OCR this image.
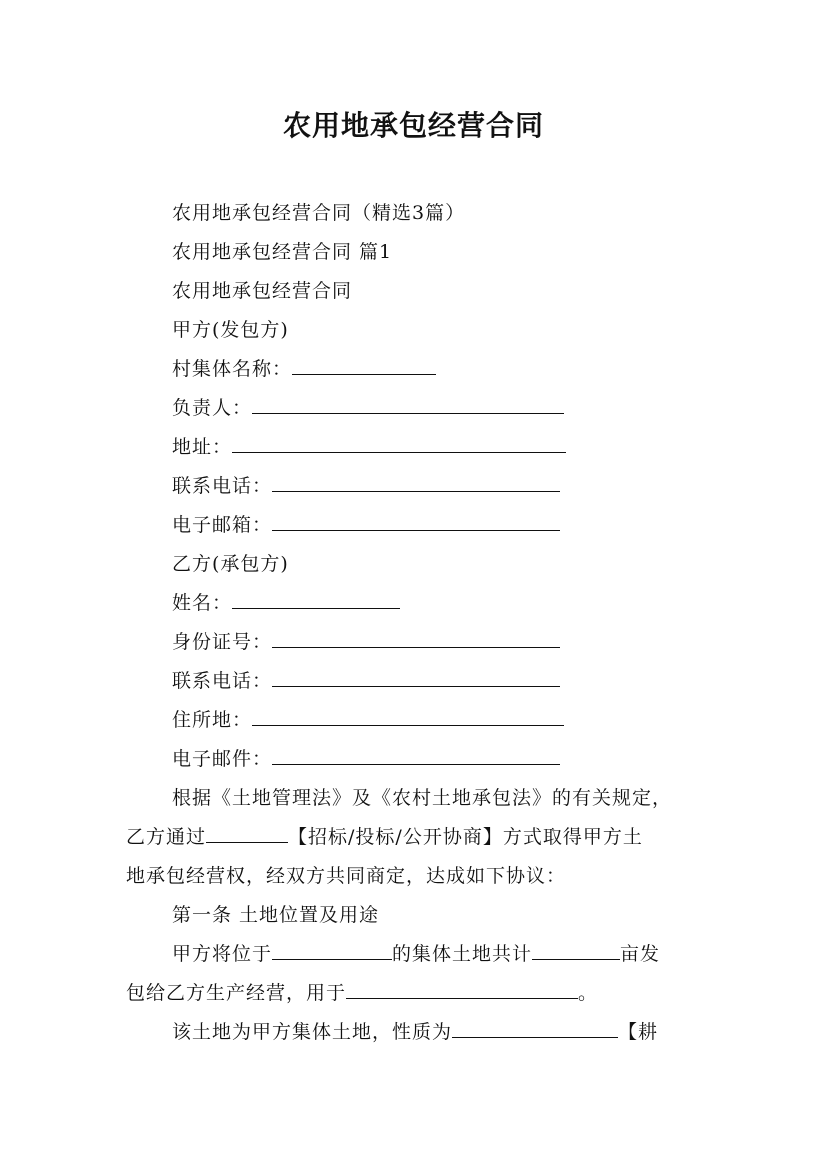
农用地承包经营合同
农用地承包经营合同（精选3篇）
农用地承包经营合同 篇1
农用地承包经营合同
甲方(发包方)
村集体名称：
负责人：
地址：
联系电话：
电子邮箱：
乙方(承包方)
姓名：
身份证号：
联系电话：
住所地：
电子邮件：
根据《土地管理法》及《农村土地承包法》的有关规定，
乙方通过	【招标/投标/公开协商】方式取得甲方土
地承包经营权，经双方共同商定，达成如下协议：
第一条 土地位置及用途
甲方将位于	的集体土地共计	亩发
包给乙方生产经营，用于	。
该土地为甲方集体土地，性质为	【耕
